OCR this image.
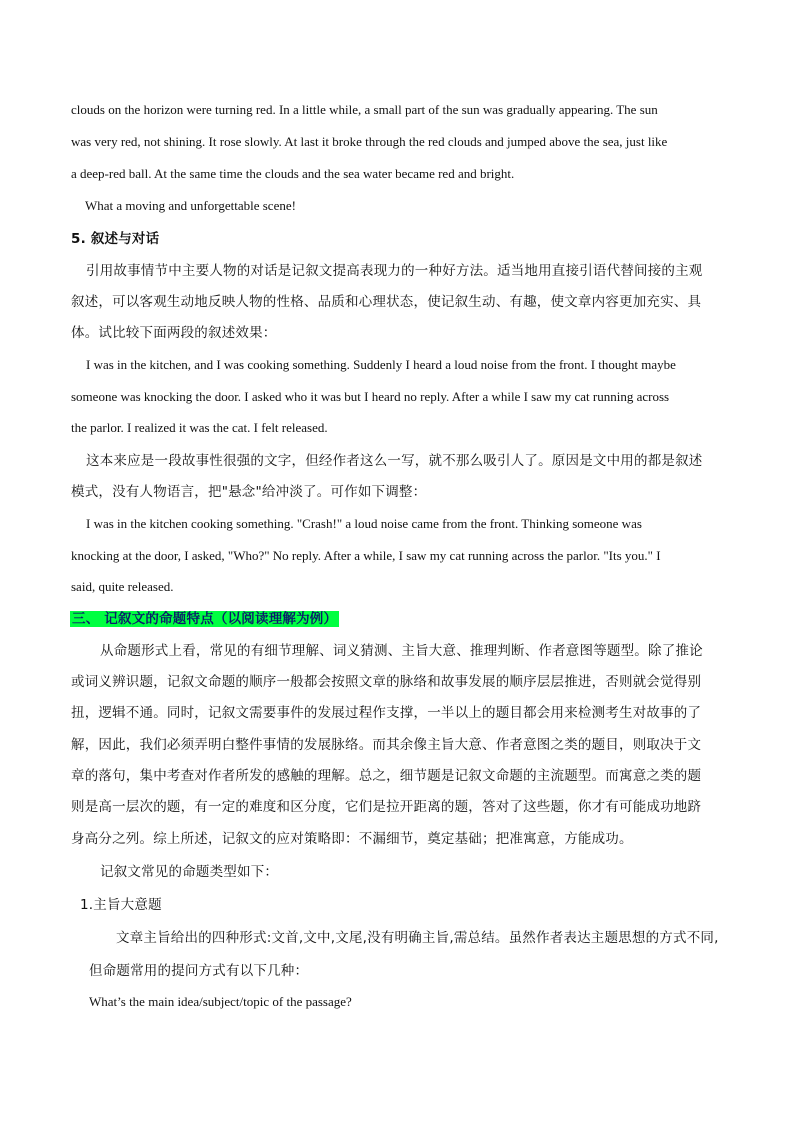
clouds on the horizon were turning red. In a little while, a small part of the sun was gradually appearing. The sun
was very red, not shining. It rose slowly. At last it broke through the red clouds and jumped above the sea, just like
a deep-red ball. At the same time the clouds and the sea water became red and bright.
What a moving and unforgettable scene!
5. 叙述与对话
引用故事情节中主要人物的对话是记叙文提高表现力的一种好方法。适当地用直接引语代替间接的主观
叙述，可以客观生动地反映人物的性格、品质和心理状态，使记叙生动、有趣，使文章内容更加充实、具
体。试比较下面两段的叙述效果：
I was in the kitchen, and I was cooking something. Suddenly I heard a loud noise from the front. I thought maybe
someone was knocking the door. I asked who it was but I heard no reply. After a while I saw my cat running across
the parlor. I realized it was the cat. I felt released.
这本来应是一段故事性很强的文字，但经作者这么一写，就不那么吸引人了。原因是文中用的都是叙述
模式，没有人物语言，把"悬念"给冲淡了。可作如下调整：
I was in the kitchen cooking something. "Crash!" a loud noise came from the front. Thinking someone was
knocking at the door, I asked, "Who?" No reply. After a while, I saw my cat running across the parlor. "Its you." I
said, quite released.
三、 记叙文的命题特点（以阅读理解为例）
从命题形式上看，常见的有细节理解、词义猜测、主旨大意、推理判断、作者意图等题型。除了推论
或词义辨识题，记叙文命题的顺序一般都会按照文章的脉络和故事发展的顺序层层推进，否则就会觉得别
扭，逻辑不通。同时，记叙文需要事件的发展过程作支撑，一半以上的题目都会用来检测考生对故事的了
解，因此，我们必须弄明白整件事情的发展脉络。而其余像主旨大意、作者意图之类的题目，则取决于文
章的落句，集中考查对作者所发的感触的理解。总之，细节题是记叙文命题的主流题型。而寓意之类的题
则是高一层次的题，有一定的难度和区分度，它们是拉开距离的题，答对了这些题，你才有可能成功地跻
身高分之列。综上所述，记叙文的应对策略即：不漏细节，奠定基础；把准寓意，方能成功。
记叙文常见的命题类型如下：
1.主旨大意题
文章主旨给出的四种形式:文首,文中,文尾,没有明确主旨,需总结。虽然作者表达主题思想的方式不同,
但命题常用的提问方式有以下几种：
What’s the main idea/subject/topic of the passage?
